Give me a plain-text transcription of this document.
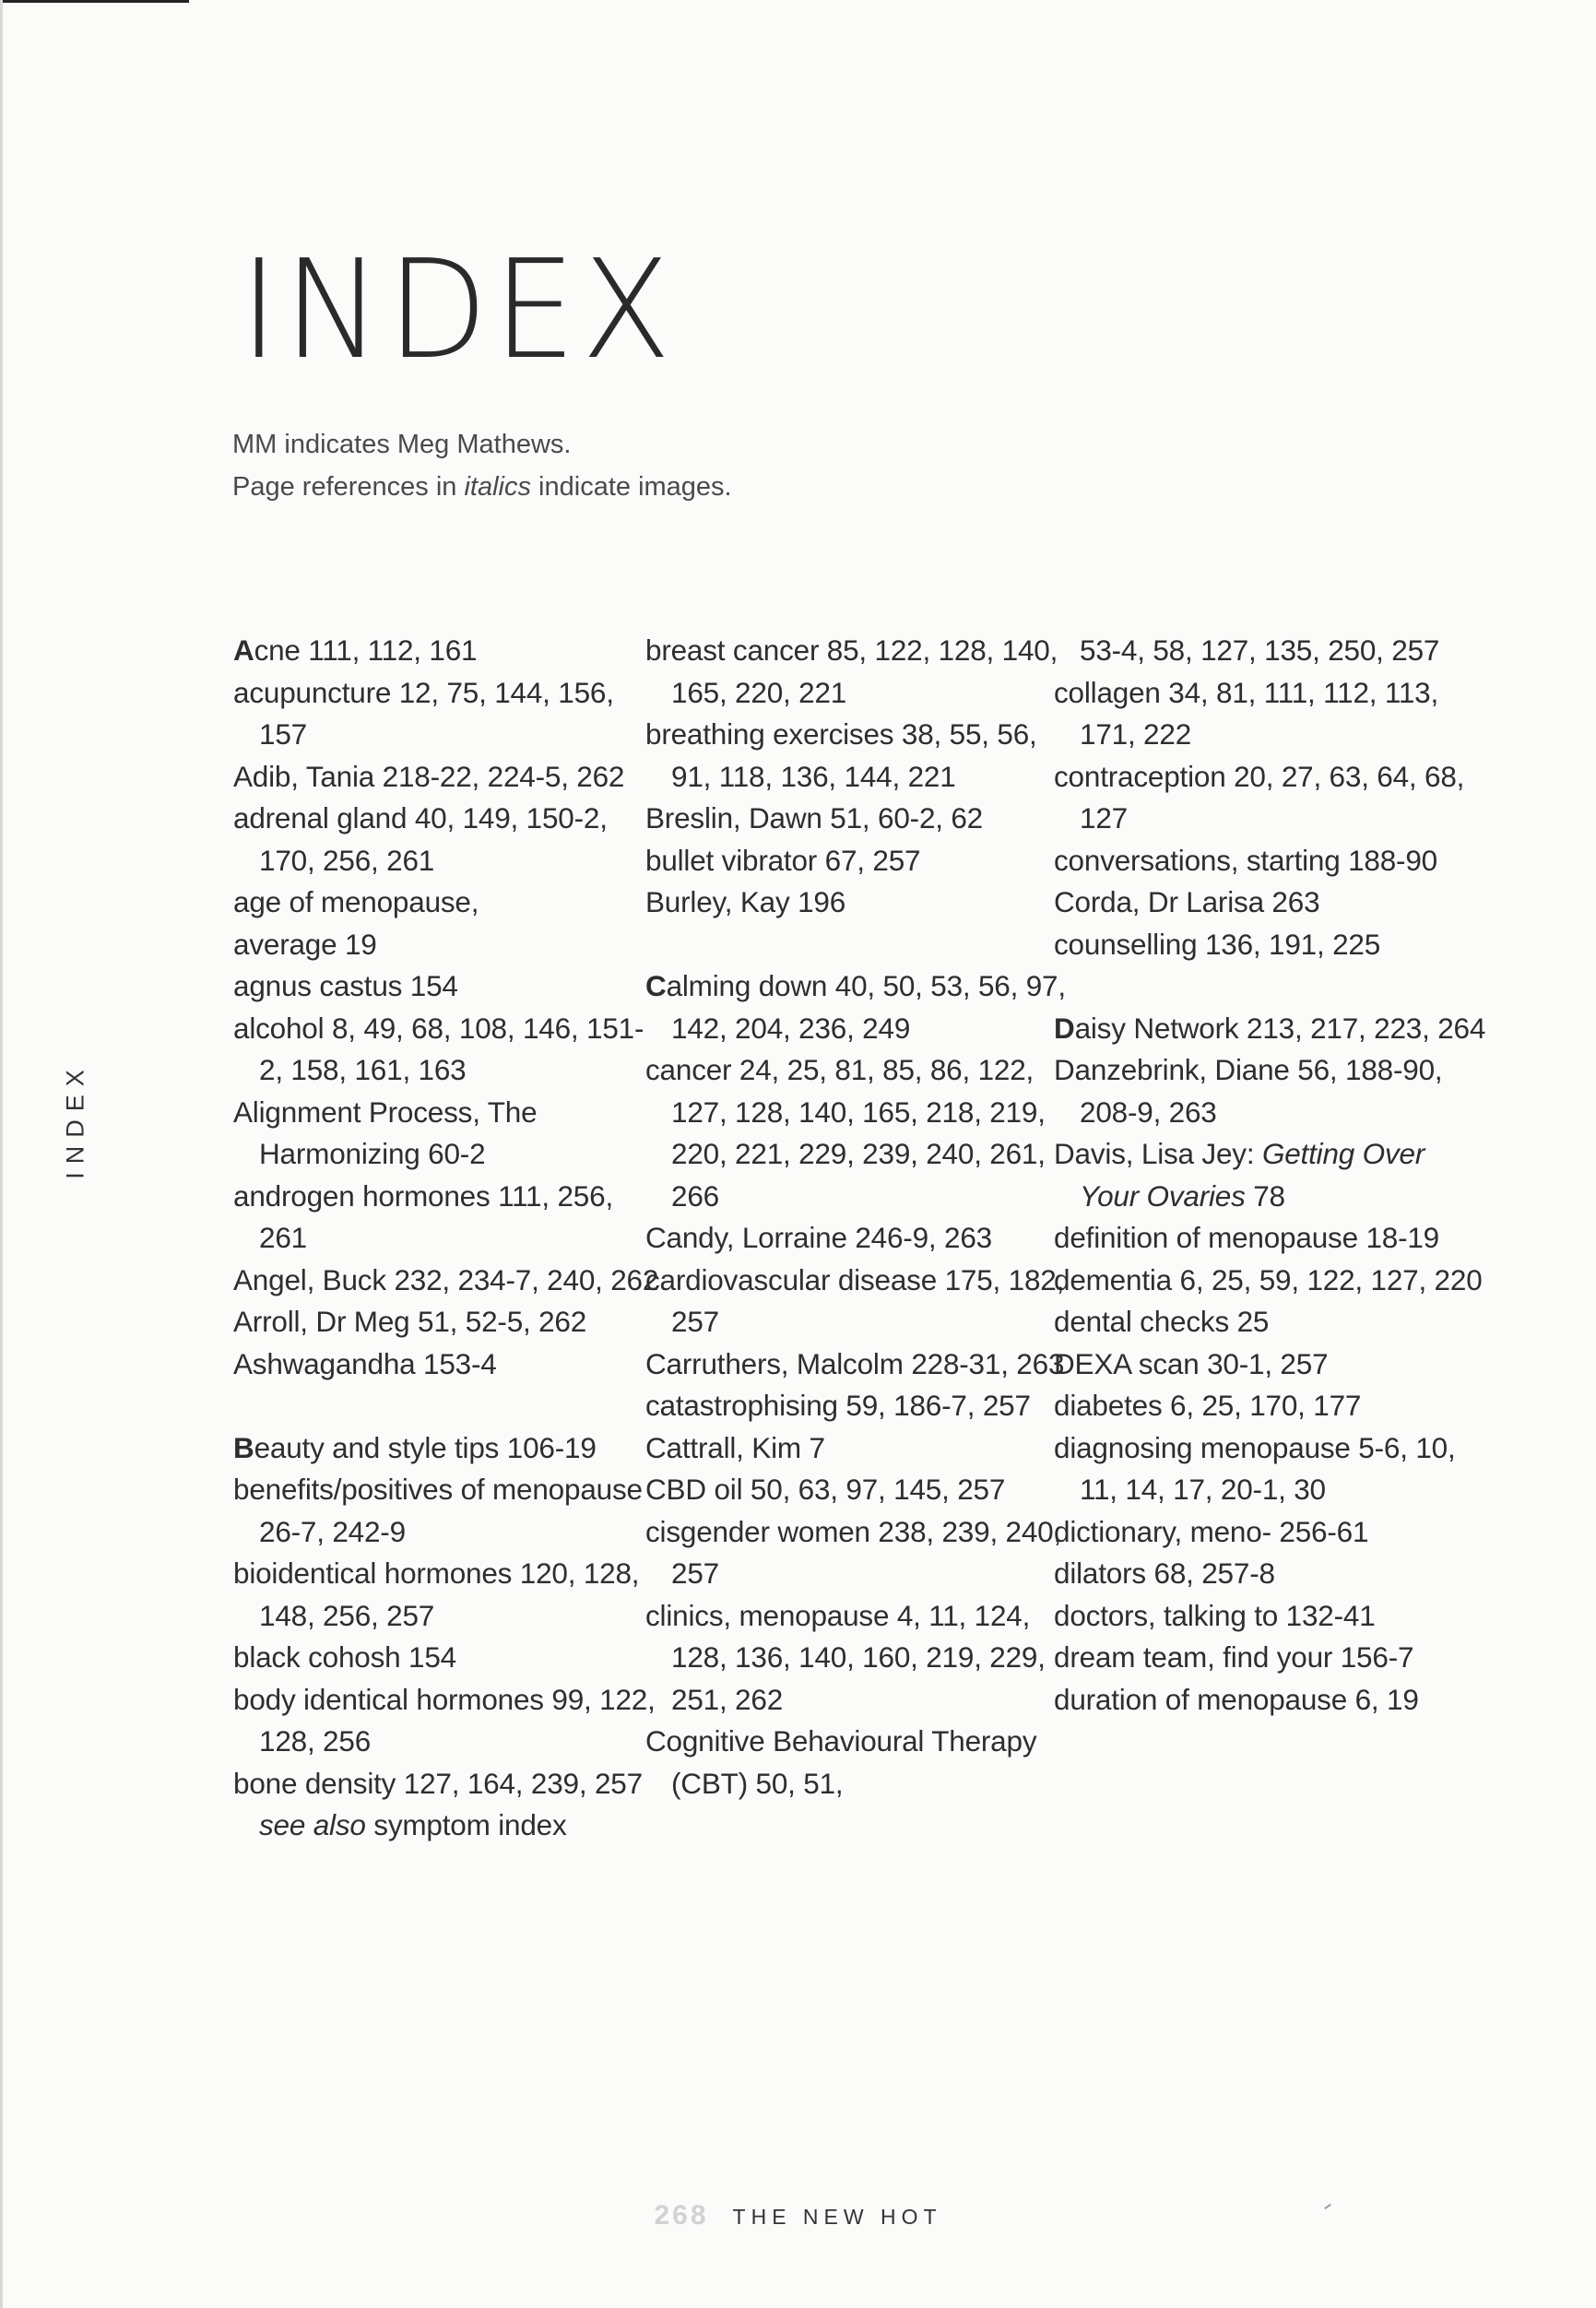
INDEX

MM indicates Meg Mathews.

Page references in italics indicate images.

INDEX
Acne 111, 112, 161
acupuncture 12, 75, 144, 156, 157
Adib, Tania 218-22, 224-5, 262
adrenal gland 40, 149, 150-2, 170, 256, 261
age of menopause,
average 19
agnus castus 154
alcohol 8, 49, 68, 108, 146, 151-2, 158, 161, 163
Alignment Process, The Harmonizing 60-2
androgen hormones 111, 256, 261
Angel, Buck 232, 234-7, 240, 262
Arroll, Dr Meg 51, 52-5, 262
Ashwagandha 153-4
Beauty and style tips 106-19
benefits/positives of menopause 26-7, 242-9
bioidentical hormones 120, 128, 148, 256, 257
black cohosh 154
body identical hormones 99, 122, 128, 256
bone density 127, 164, 239, 257 see also symptom index
breast cancer 85, 122, 128, 140, 165, 220, 221
breathing exercises 38, 55, 56, 91, 118, 136, 144, 221
Breslin, Dawn 51, 60-2, 62
bullet vibrator 67, 257
Burley, Kay 196
Calming down 40, 50, 53, 56, 97, 142, 204, 236, 249
cancer 24, 25, 81, 85, 86, 122, 127, 128, 140, 165, 218, 219, 220, 221, 229, 239, 240, 261, 266
Candy, Lorraine 246-9, 263
cardiovascular disease 175, 182, 257
Carruthers, Malcolm 228-31, 263
catastrophising 59, 186-7, 257
Cattrall, Kim 7
CBD oil 50, 63, 97, 145, 257
cisgender women 238, 239, 240, 257
clinics, menopause 4, 11, 124, 128, 136, 140, 160, 219, 229, 251, 262
Cognitive Behavioural Therapy (CBT) 50, 51,
53-4, 58, 127, 135, 250, 257
collagen 34, 81, 111, 112, 113, 171, 222
contraception 20, 27, 63, 64, 68, 127
conversations, starting 188-90
Corda, Dr Larisa 263
counselling 136, 191, 225
Daisy Network 213, 217, 223, 264
Danzebrink, Diane 56, 188-90, 208-9, 263
Davis, Lisa Jey: Getting Over Your Ovaries 78
definition of menopause 18-19
dementia 6, 25, 59, 122, 127, 220
dental checks 25
DEXA scan 30-1, 257
diabetes 6, 25, 170, 177
diagnosing menopause 5-6, 10, 11, 14, 17, 20-1, 30
dictionary, meno- 256-61
dilators 68, 257-8
doctors, talking to 132-41
dream team, find your 156-7
duration of menopause 6, 19
268 THE NEW HOT
